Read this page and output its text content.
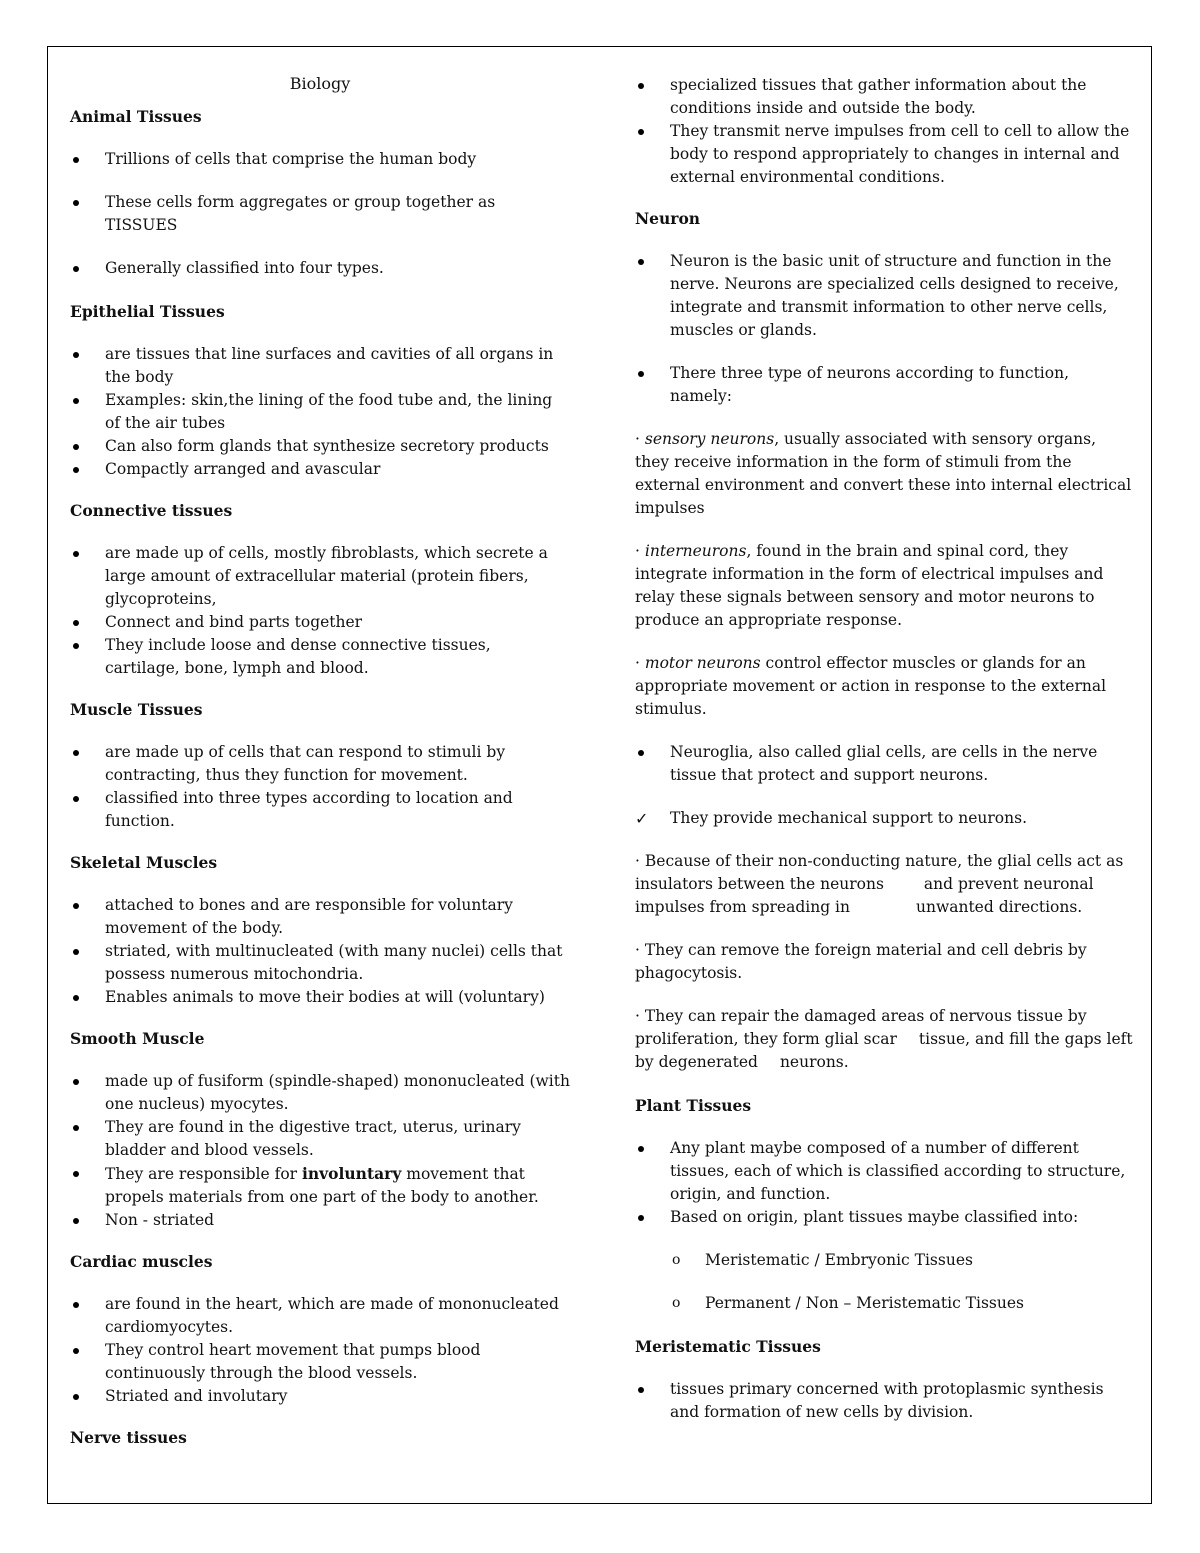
Biology
Animal Tissues
Trillions of cells that comprise the human body
These cells form aggregates or group together as TISSUES
Generally classified into four types.
Epithelial Tissues
are tissues that line surfaces and cavities of all organs in the body
Examples: skin,the lining of the food tube and, the lining of the air tubes
Can also form glands that synthesize secretory products
Compactly arranged and avascular
Connective tissues
are made up of cells, mostly fibroblasts, which secrete a large amount of extracellular material (protein fibers, glycoproteins,
Connect and bind parts together
They include loose and dense connective tissues, cartilage, bone, lymph and blood.
Muscle Tissues
are made up of cells that can respond to stimuli by contracting, thus they function for movement.
classified into three types according to location and function.
Skeletal Muscles
attached to bones and are responsible for voluntary movement of the body.
striated, with multinucleated (with many nuclei) cells that possess numerous mitochondria.
Enables animals to move their bodies at will (voluntary)
Smooth Muscle
made up of fusiform (spindle-shaped) mononucleated (with one nucleus) myocytes.
They are found in the digestive tract, uterus, urinary bladder and blood vessels.
They are responsible for involuntary movement that propels materials from one part of the body to another.
Non - striated
Cardiac muscles
are found in the heart, which are made of mononucleated cardiomyocytes.
They control heart movement that pumps blood continuously through the blood vessels.
Striated and involutary
Nerve tissues
specialized tissues that gather information about the conditions inside and outside the body.
They transmit nerve impulses from cell to cell to allow the body to respond appropriately to changes in internal and external environmental conditions.
Neuron
Neuron is the basic unit of structure and function in the nerve. Neurons are specialized cells designed to receive, integrate and transmit information to other nerve cells, muscles or glands.
There three type of neurons according to function, namely:

· sensory neurons, usually associated with sensory organs, they receive information in the form of stimuli from the external environment and convert these into internal electrical impulses

· interneurons, found in the brain and spinal cord, they integrate information in the form of electrical impulses and relay these signals between sensory and motor neurons to produce an appropriate response.

· motor neurons control effector muscles or glands for an appropriate movement or action in response to the external stimulus.

Neuroglia, also called glial cells, are cells in the nerve tissue that protect and support neurons.
✓ They provide mechanical support to neurons.

· Because of their non-conducting nature, the glial cells act as insulators between the neurons	and prevent neuronal impulses from spreading in	unwanted directions.

· They can remove the foreign material and cell debris by phagocytosis.

· They can repair the damaged areas of nervous tissue by proliferation, they form glial scar tissue, and fill the gaps left by degenerated neurons.

Plant Tissues
Any plant maybe composed of a number of different tissues, each of which is classified according to structure, origin, and function.
Based on origin, plant tissues maybe classified into:
o Meristematic / Embryonic Tissues
o Permanent / Non – Meristematic Tissues
Meristematic Tissues
tissues primary concerned with protoplasmic synthesis and formation of new cells by division.
